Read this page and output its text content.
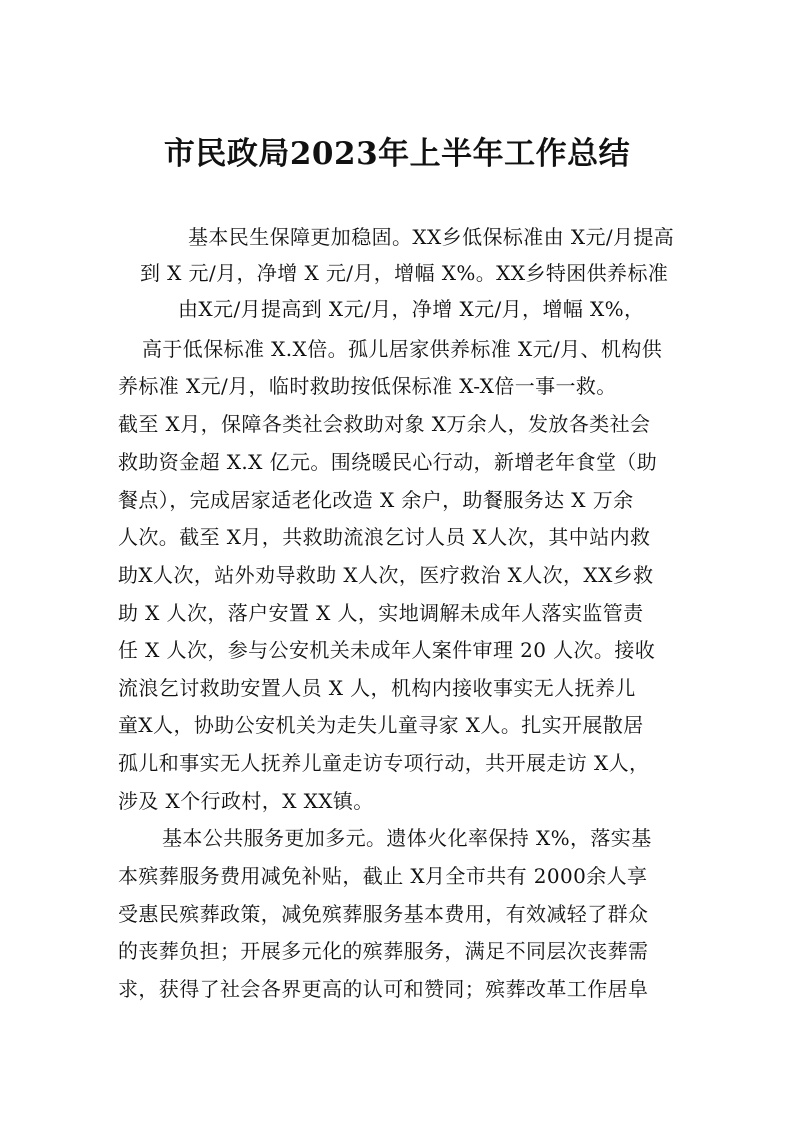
市民政局2023年上半年工作总结
基本民生保障更加稳固。XX乡低保标准由 X元/月提高
到 X 元/月，净增 X 元/月，增幅 X%。XX乡特困供养标准
由X元/月提高到 X元/月，净增 X元/月，增幅 X%，
高于低保标准 X.X倍。孤儿居家供养标准 X元/月、机构供
养标准 X元/月，临时救助按低保标准 X-X倍一事一救。
截至 X月，保障各类社会救助对象 X万余人，发放各类社会
救助资金超 X.X 亿元。围绕暖民心行动，新增老年食堂（助
餐点），完成居家适老化改造 X 余户，助餐服务达 X 万余
人次。截至 X月，共救助流浪乞讨人员 X人次，其中站内救
助X人次，站外劝导救助 X人次，医疗救治 X人次，XX乡救
助 X 人次，落户安置 X 人，实地调解未成年人落实监管责
任 X 人次，参与公安机关未成年人案件审理 20 人次。接收
流浪乞讨救助安置人员 X 人，机构内接收事实无人抚养儿
童X人，协助公安机关为走失儿童寻家 X人。扎实开展散居
孤儿和事实无人抚养儿童走访专项行动，共开展走访 X人，
涉及 X个行政村，X XX镇。
基本公共服务更加多元。遗体火化率保持 X%，落实基
本殡葬服务费用减免补贴，截止 X月全市共有 2000余人享
受惠民殡葬政策，减免殡葬服务基本费用，有效减轻了群众
的丧葬负担；开展多元化的殡葬服务，满足不同层次丧葬需
求，获得了社会各界更高的认可和赞同；殡葬改革工作居阜
